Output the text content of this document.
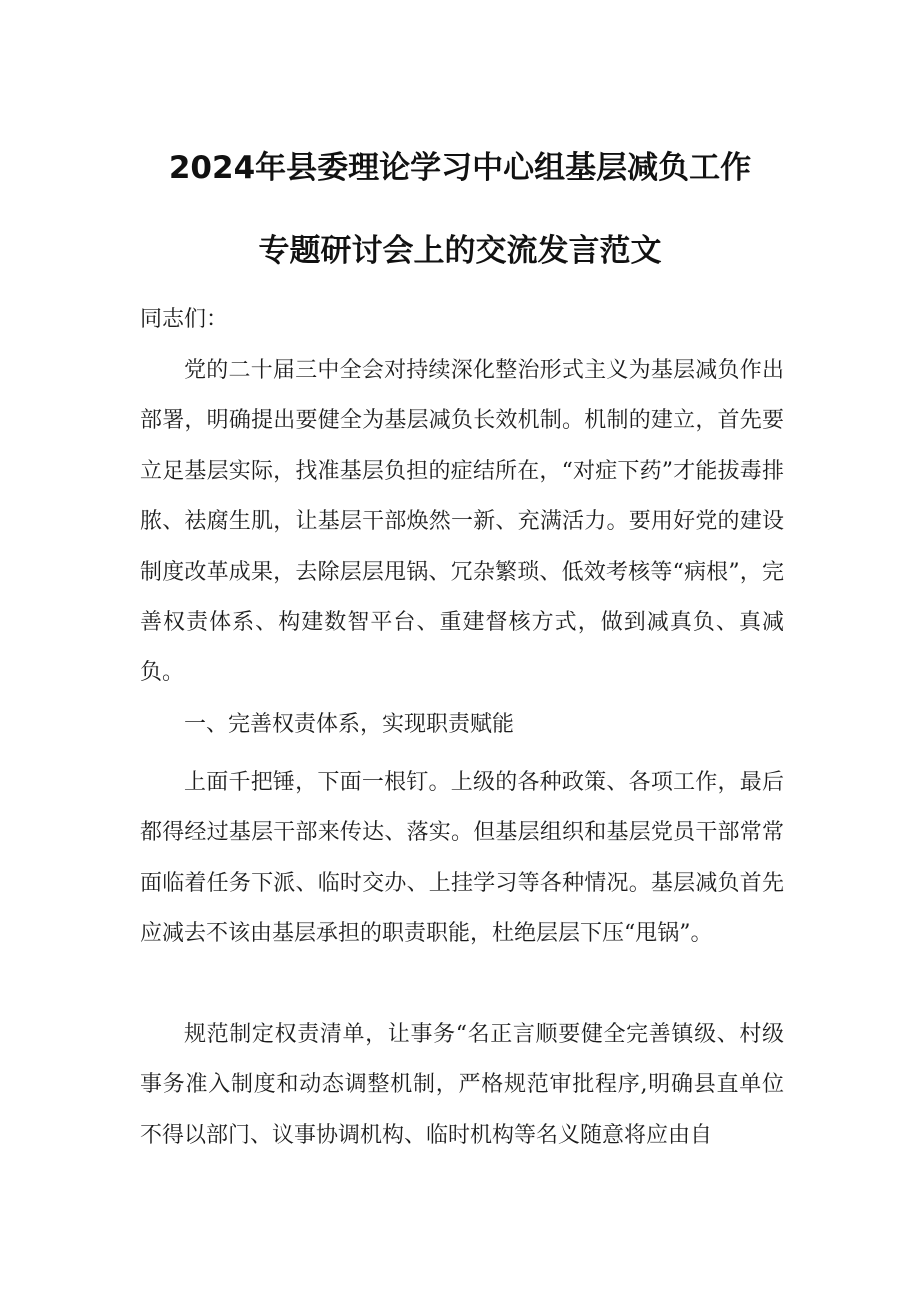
2024年县委理论学习中心组基层减负工作
专题研讨会上的交流发言范文
同志们：

党的二十届三中全会对持续深化整治形式主义为基层减负作出部署，明确提出要健全为基层减负长效机制。机制的建立，首先要立足基层实际，找准基层负担的症结所在，“对症下药”才能拔毒排脓、祛腐生肌，让基层干部焕然一新、充满活力。要用好党的建设制度改革成果，去除层层甩锅、冗杂繁琐、低效考核等“病根”，完善权责体系、构建数智平台、重建督核方式，做到减真负、真减负。

一、完善权责体系，实现职责赋能

上面千把锤，下面一根钉。上级的各种政策、各项工作，最后都得经过基层干部来传达、落实。但基层组织和基层党员干部常常面临着任务下派、临时交办、上挂学习等各种情况。基层减负首先应减去不该由基层承担的职责职能，杜绝层层下压“甩锅”。

规范制定权责清单，让事务“名正言顺要健全完善镇级、村级事务准入制度和动态调整机制，严格规范审批程序,明确县直单位不得以部门、议事协调机构、临时机构等名义随意将应由自
